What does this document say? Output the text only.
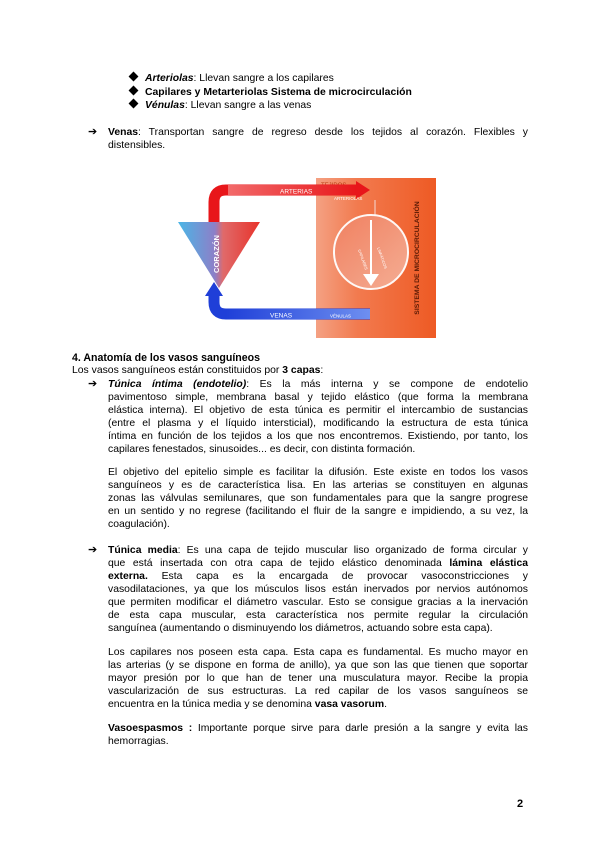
Arteriolas: Llevan sangre a los capilares
Capilares y Metarteriolas Sistema de microcirculación
Vénulas: Llevan sangre a las venas
➔ Venas: Transportan sangre de regreso desde los tejidos al corazón. Flexibles y
distensibles.
CORAZÓN
ARTERIAS
ARTERIOLAS
CAPILARES LINFÁTICOS	SISTEMA DE MICROCIRCULACIÓN
VENAS	VÉNULAS
4. Anatomía de los vasos sanguíneos
Los vasos sanguíneos están constituidos por 3 capas:
➔ Túnica íntima (endotelio): Es la más interna y se compone de endotelio
pavimentoso simple, membrana basal y tejido elástico (que forma la membrana
elástica interna). El objetivo de esta túnica es permitir el intercambio de sustancias
(entre el plasma y el líquido intersticial), modificando la estructura de esta túnica
íntima en función de los tejidos a los que nos encontremos. Existiendo, por tanto, los
capilares fenestados, sinusoides... es decir, con distinta formación.
El objetivo del epitelio simple es facilitar la difusión. Este existe en todos los vasos
sanguíneos y es de característica lisa. En las arterias se constituyen en algunas
zonas las válvulas semilunares, que son fundamentales para que la sangre progrese
en un sentido y no regrese (facilitando el fluir de la sangre e impidiendo, a su vez, la
coagulación).
➔ Túnica media: Es una capa de tejido muscular liso organizado de forma circular y
que está insertada con otra capa de tejido elástico denominada lámina elástica
externa. Esta capa es la encargada de provocar vasoconstricciones y
vasodilataciones, ya que los músculos lisos están inervados por nervios autónomos
que permiten modificar el diámetro vascular. Esto se consigue gracias a la inervación
de esta capa muscular, esta característica nos permite regular la circulación
sanguínea (aumentando o disminuyendo los diámetros, actuando sobre esta capa).
Los capilares nos poseen esta capa. Esta capa es fundamental. Es mucho mayor en
las arterias (y se dispone en forma de anillo), ya que son las que tienen que soportar
mayor presión por lo que han de tener una musculatura mayor. Recibe la propia
vascularización de sus estructuras. La red capilar de los vasos sanguíneos se
encuentra en la túnica media y se denomina vasa vasorum.
Vasoespasmos : Importante porque sirve para darle presión a la sangre y evita las
hemorragias.
2
